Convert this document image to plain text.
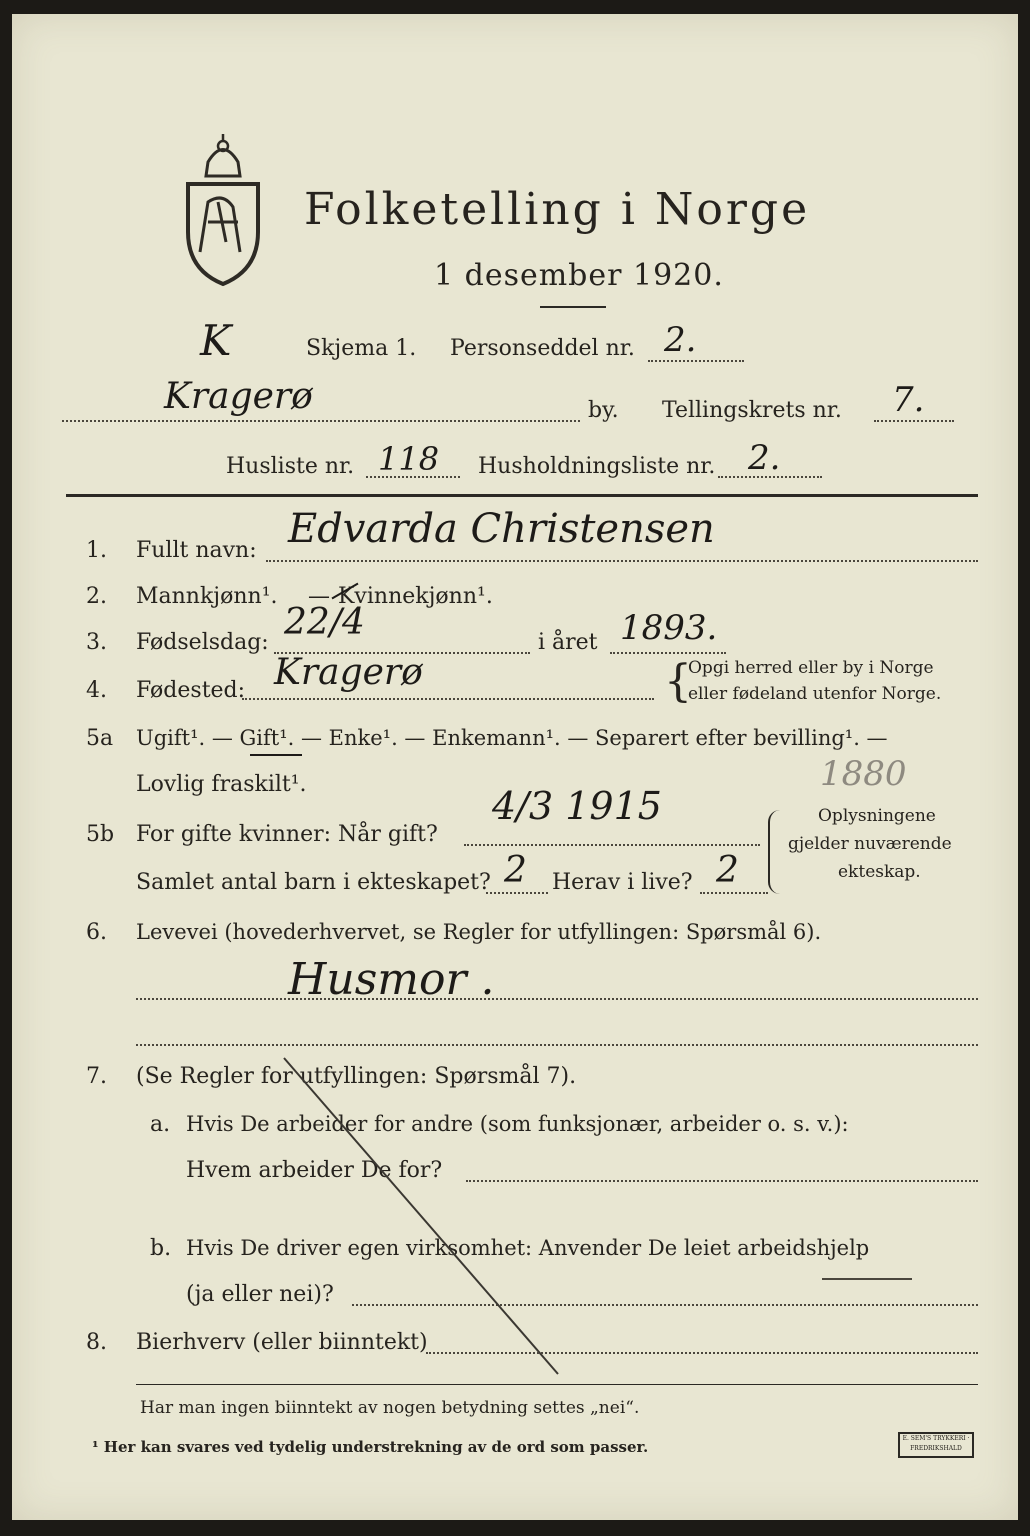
Folketelling i Norge
1 desember 1920.
K	Skjema 1. Personseddel nr. 2.
Kragerø	by. Tellingskrets nr. 7.
Husliste nr. 118 Husholdningsliste nr. 2.
1. Fullt navn: Edvarda Christensen
2. Mannkjønn¹. — Kvinnekjønn¹.
3. Fødselsdag: 22/4	i året 1893.
4. Fødested: Kragerø	{
Opgi herred eller by i Norge
eller fødeland utenfor Norge.
5a Ugift¹. — Gift¹. — Enke¹. — Enkemann¹. — Separert efter bevilling¹. —
Lovlig fraskilt¹.	1880
5b For gifte kvinner: Når gift?
4/3 1915
Samlet antal barn i ekteskapet? 2 Herav i live? 2
Oplysningene
gjelder nuværende
ekteskap.
6. Levevei (hovederhvervet, se Regler for utfyllingen: Spørsmål 6).
Husmor .
7. (Se Regler for utfyllingen: Spørsmål 7).
a. Hvis De arbeider for andre (som funksjonær, arbeider o. s. v.):
Hvem arbeider De for?
b. Hvis De driver egen virksomhet: Anvender De leiet arbeidshjelp
(ja eller nei)?
8. Bierhverv (eller biinntekt)
Har man ingen biinntekt av nogen betydning settes „nei“.
¹ Her kan svares ved tydelig understrekning av de ord som passer.	E. SEM'S TRYKKERI · FREDRIKSHALD
